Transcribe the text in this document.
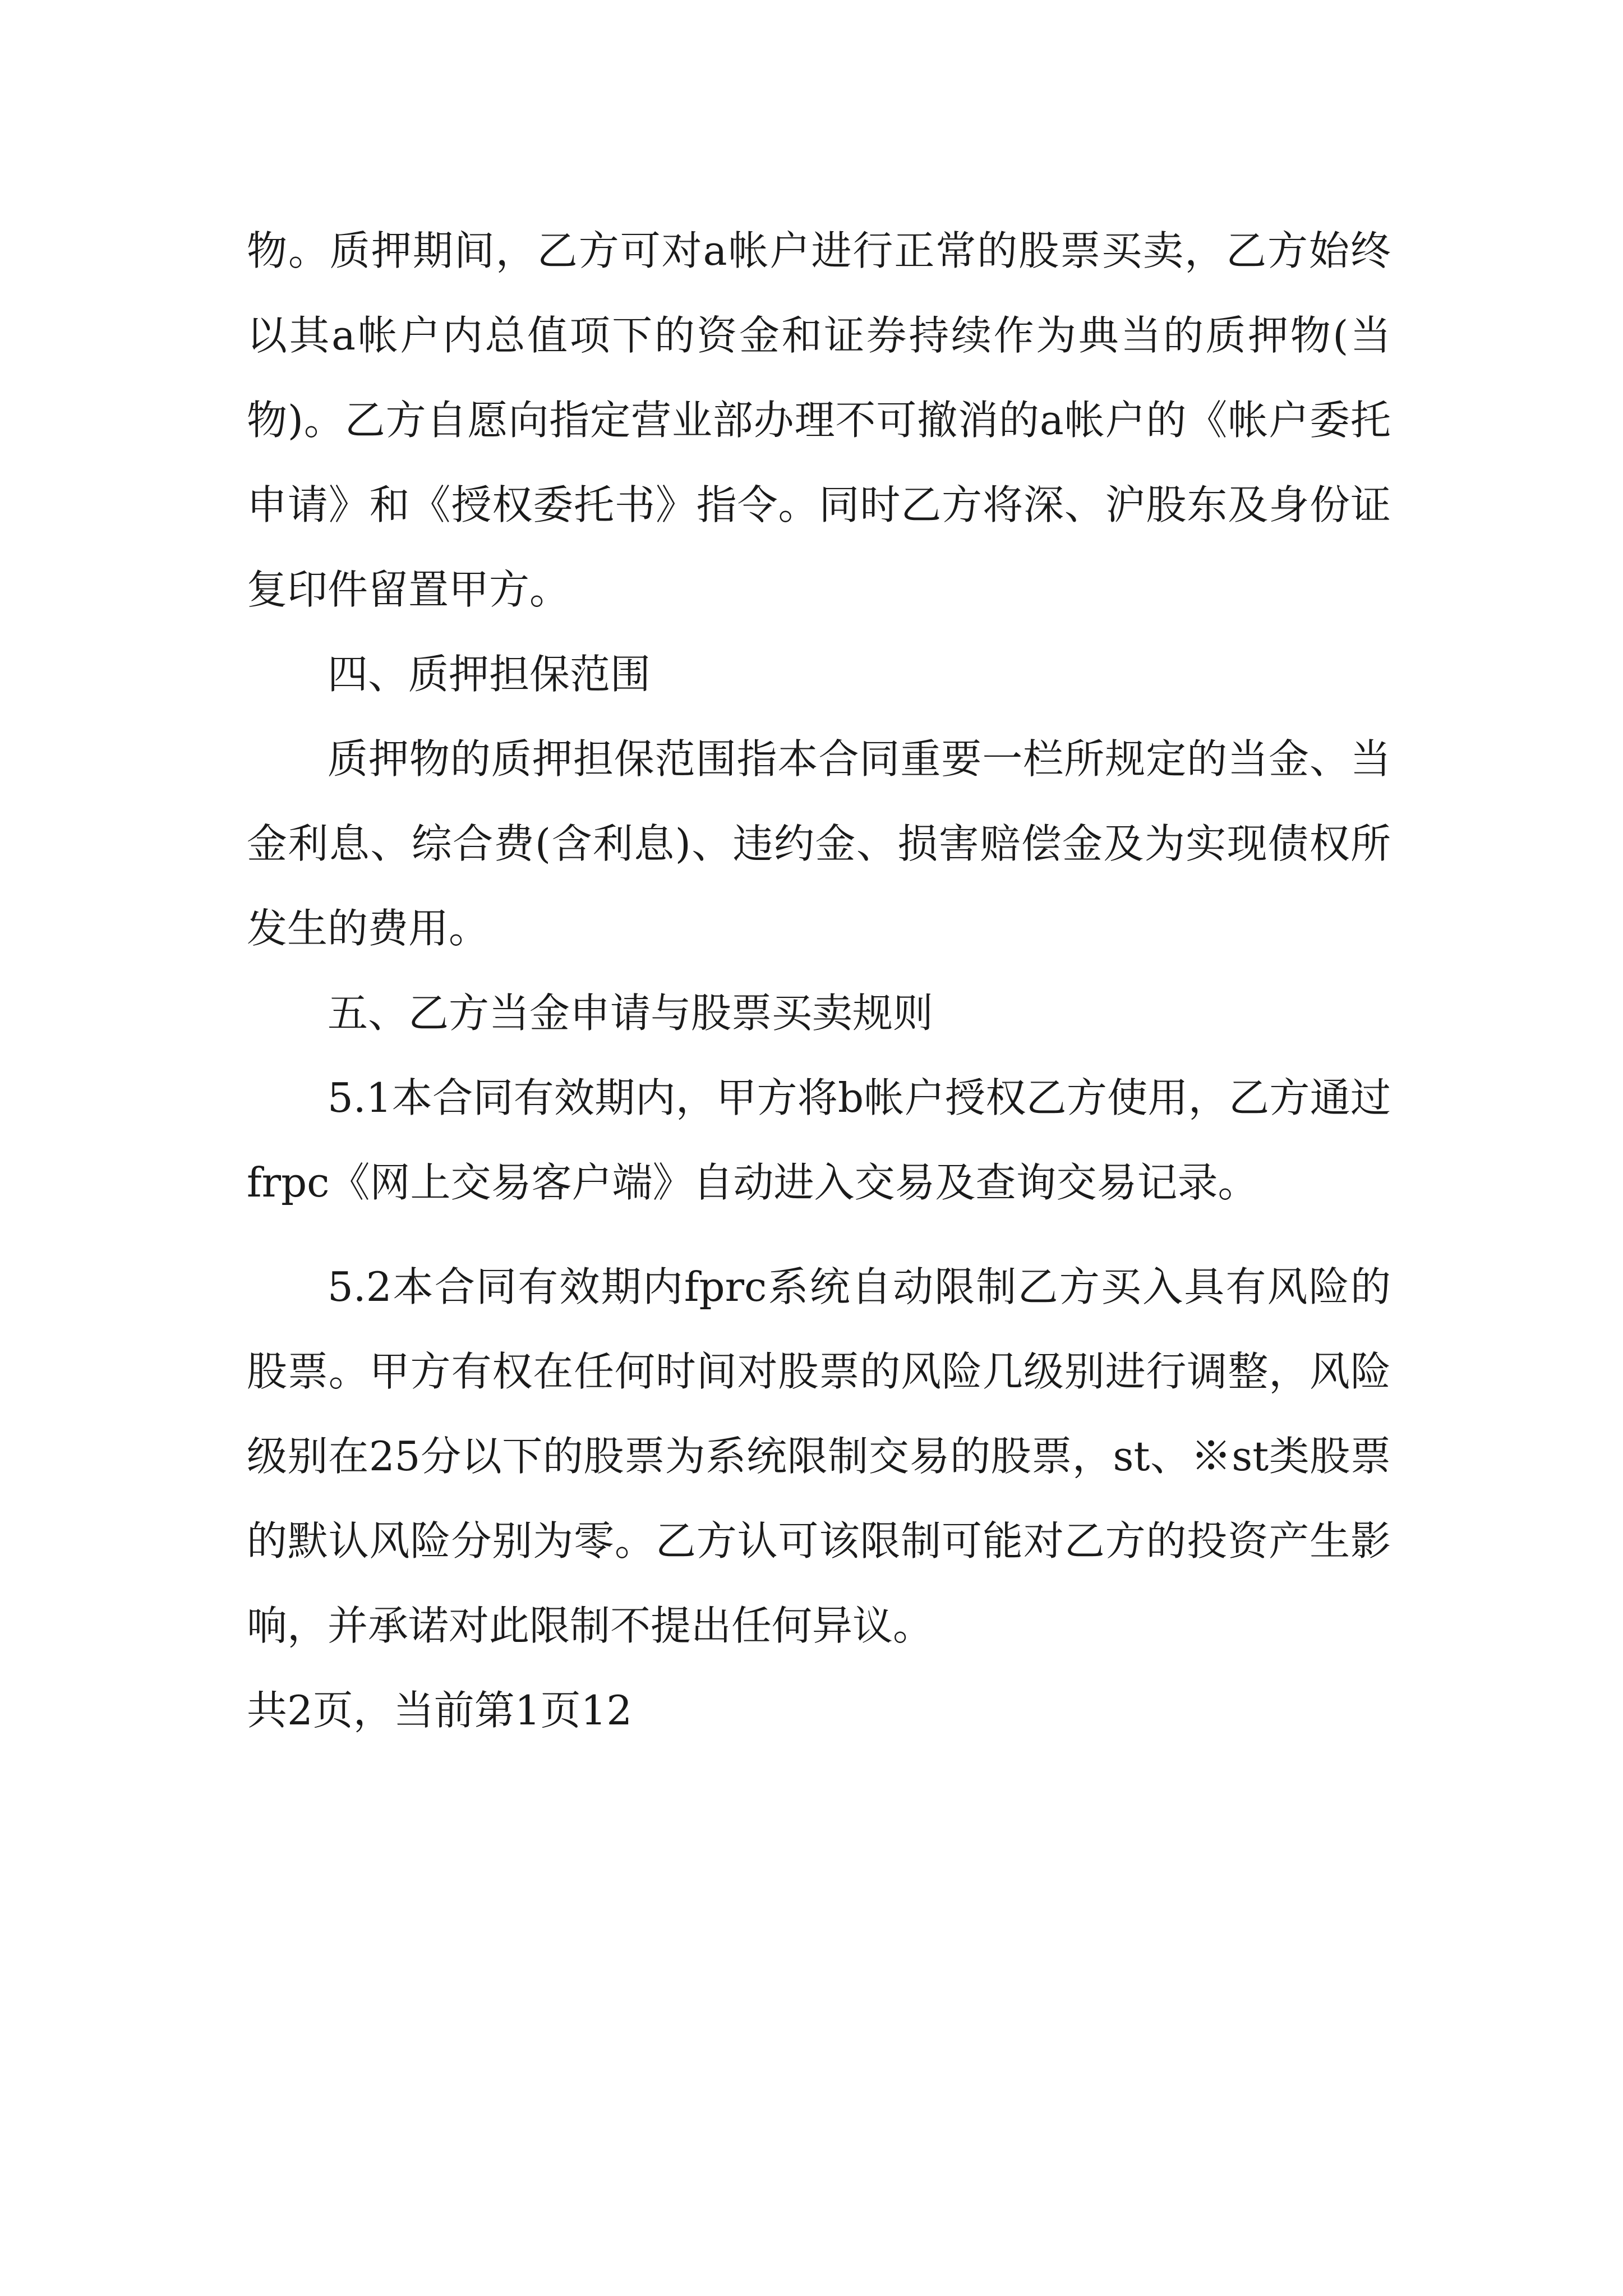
物。质押期间，乙方可对a帐户进行正常的股票买卖，乙方始终以其a帐户内总值项下的资金和证券持续作为典当的质押物(当物)。乙方自愿向指定营业部办理不可撤消的a帐户的《帐户委托申请》和《授权委托书》指令。同时乙方将深、沪股东及身份证复印件留置甲方。

四、质押担保范围

质押物的质押担保范围指本合同重要一栏所规定的当金、当金利息、综合费(含利息)、违约金、损害赔偿金及为实现债权所发生的费用。

五、乙方当金申请与股票买卖规则

5.1本合同有效期内，甲方将b帐户授权乙方使用，乙方通过frpc《网上交易客户端》自动进入交易及查询交易记录。

5.2本合同有效期内fprc系统自动限制乙方买入具有风险的股票。甲方有权在任何时间对股票的风险几级别进行调整，风险级别在25分以下的股票为系统限制交易的股票，st、※st类股票的默认风险分别为零。乙方认可该限制可能对乙方的投资产生影响，并承诺对此限制不提出任何异议。

共2页，当前第1页12
